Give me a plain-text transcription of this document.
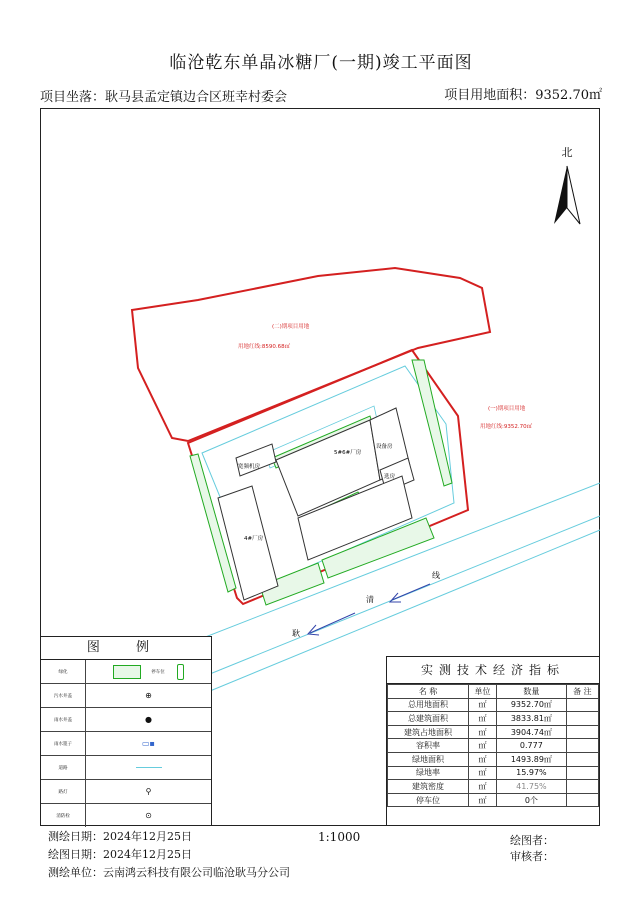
临沧乾东单晶冰糖厂(一期)竣工平面图
项目坐落：耿马县孟定镇边合区班幸村委会	项目用地面积：9352.70㎡
北
(二)期项目用地
用地红线:8590.68㎡
(一)期项目用地
用地红线:9352.70㎡
5#6#厂房
4#厂房
设备房
选房
宽频机房
线
清
耿
图 例
绿化	停车位
污水井盖	⊕
雨水井盖	●
雨水篦子	▭▪
道路
路灯	⚲
消防栓	⊙
实测技术经济指标
名 称	单位	数量	备 注
总用地面积	㎡	9352.70㎡	
总建筑面积	㎡	3833.81㎡	
建筑占地面积	㎡	3904.74㎡	
容积率	㎡	0.777	
绿地面积	㎡	1493.89㎡	
绿地率	㎡	15.97%	
建筑密度	㎡	41.75%	
停车位	㎡	0个	
测绘日期：2024年12月25日
绘图日期：2024年12月25日
测绘单位：云南鸿云科技有限公司临沧耿马分公司
1:1000	绘图者：
审核者：
